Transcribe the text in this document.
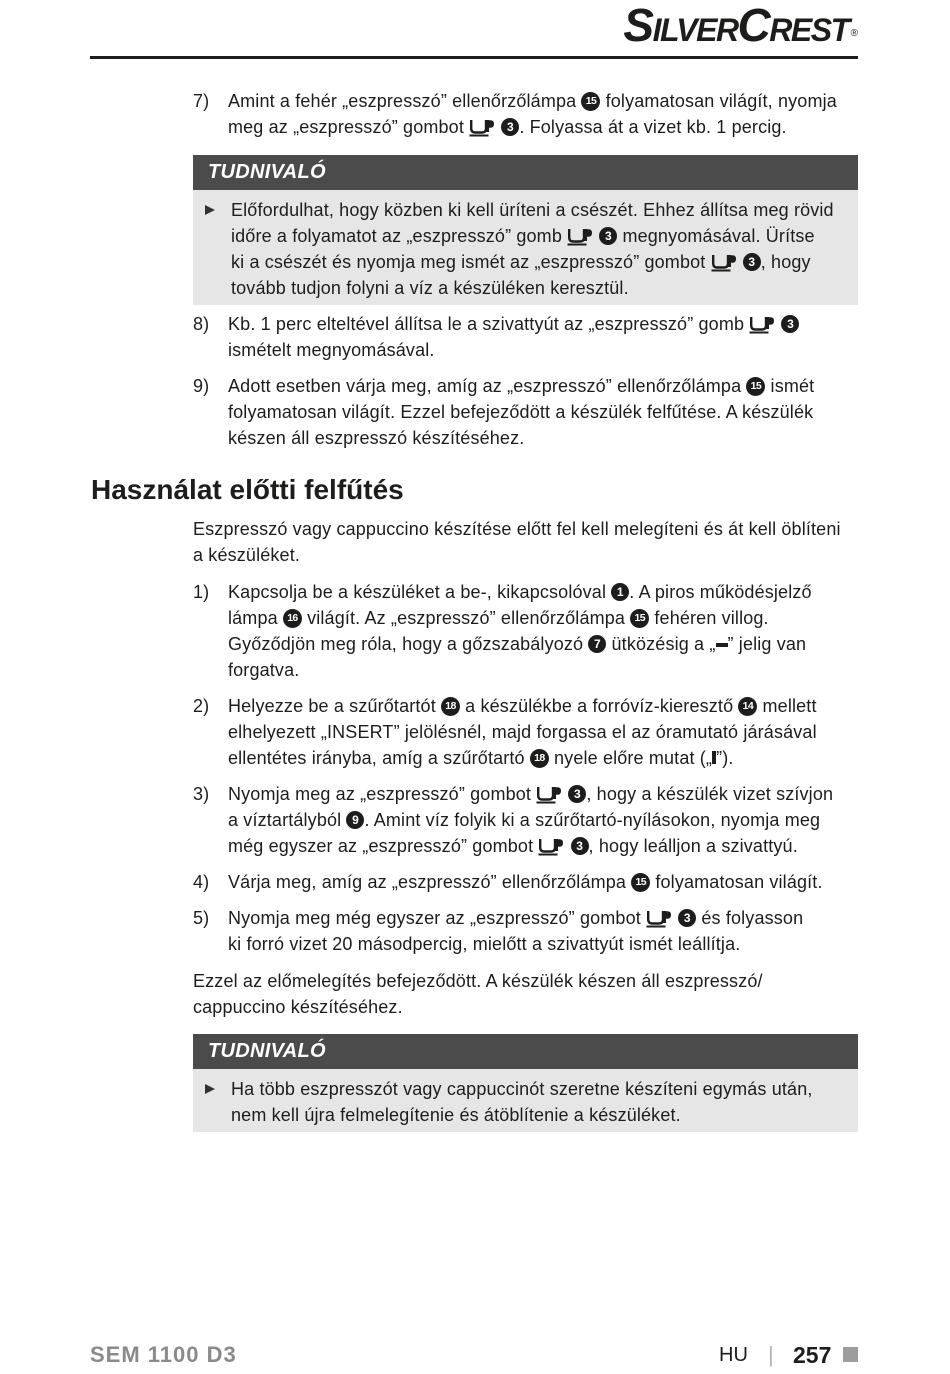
SilverCrest ®
7) Amint a fehér „eszpresszó” ellenőrzőlámpa 15 folyamatosan világít, nyomja
meg az „eszpresszó” gombot	3 . Folyassa át a vizet kb. 1 percig.
TUDNIVALÓ
Előfordulhat, hogy közben ki kell üríteni a csészét. Ehhez állítsa meg rövid
időre a folyamatot az „eszpresszó” gomb	3 megnyomásával. Ürítse
ki a csészét és nyomja meg ismét az „eszpresszó” gombot	3 , hogy
tovább tudjon folyni a víz a készüléken keresztül.
8) Kb. 1 perc elteltével állítsa le a szivattyút az „eszpresszó” gomb	3
ismételt megnyomásával.
9) Adott esetben várja meg, amíg az „eszpresszó” ellenőrzőlámpa 15 ismét
folyamatosan világít. Ezzel befejeződött a készülék felfűtése. A készülék
készen áll eszpresszó készítéséhez.
Használat előtti felfűtés
Eszpresszó vagy cappuccino készítése előtt fel kell melegíteni és át kell öblíteni
a készüléket.
1) Kapcsolja be a készüléket a be-, kikapcsolóval 1 . A piros működésjelző
lámpa 16 világít. Az „eszpresszó” ellenőrzőlámpa 15 fehéren villog.
Győződjön meg róla, hogy a gőzszabályozó 7 ütközésig a „ ” jelig van
forgatva.
2) Helyezze be a szűrőtartót 18 a készülékbe a forróvíz-kieresztő 14 mellett
elhelyezett „INSERT” jelölésnél, majd forgassa el az óramutató járásával
ellentétes irányba, amíg a szűrőtartó 18 nyele előre mutat („ ”).
3) Nyomja meg az „eszpresszó” gombot	3 , hogy a készülék vizet szívjon
a víztartályból 9 . Amint víz folyik ki a szűrőtartó-nyílásokon, nyomja meg
még egyszer az „eszpresszó” gombot	3 , hogy leálljon a szivattyú.
4) Várja meg, amíg az „eszpresszó” ellenőrzőlámpa 15 folyamatosan világít.
5) Nyomja meg még egyszer az „eszpresszó” gombot	3 és folyasson
ki forró vizet 20 másodpercig, mielőtt a szivattyút ismét leállítja.
Ezzel az előmelegítés befejeződött. A készülék készen áll eszpresszó/
cappuccino készítéséhez.
TUDNIVALÓ
Ha több eszpresszót vagy cappuccinót szeretne készíteni egymás után,
nem kell újra felmelegítenie és átöblítenie a készüléket.
SEM 1100 D3	HU | 257
